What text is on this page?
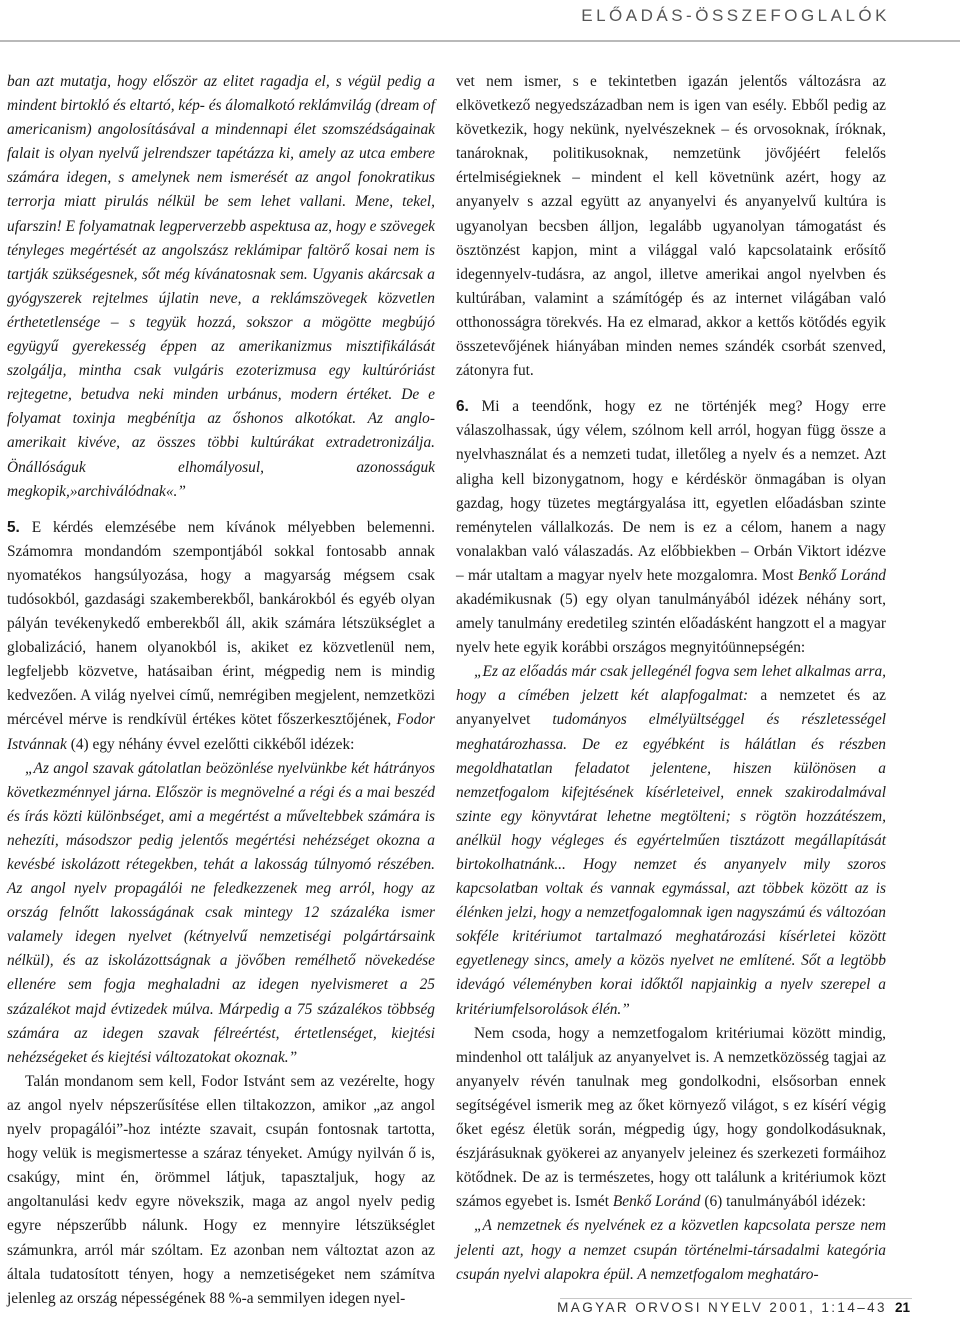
ELŐADÁS-ÖSSZEFOGLALÓK

ban azt mutatja, hogy először az elitet ragadja el, s végül pedig a mindent birtokló és eltartó, kép- és álomalkotó reklámvilág (dream of americanism) angolosításával a mindennapi élet szomszédságainak falait is olyan nyelvű jelrendszer tapétázza ki, amely az utca embere számára idegen, s amelynek nem ismerését az angol fonokratikus terrorja miatt pirulás nélkül be sem lehet vallani. Mene, tekel, ufarszin! E folyamatnak legperverzebb aspektusa az, hogy e szövegek tényleges megértését az angolszász reklámipar faltörő kosai nem is tartják szükségesnek, sőt még kívánatosnak sem. Ugyanis akárcsak a gyógyszerek rejtelmes újlatin neve, a reklámszövegek közvetlen érthetetlensége – s tegyük hozzá, sokszor a mögötte megbújó együgyű gyerekesség éppen az amerikanizmus misztifikálását szolgálja, mintha csak vulgáris ezoterizmusa egy kultúróriást rejtegetne, betudva neki minden urbánus, modern értéket. De e folyamat toxinja megbénítja az őshonos alkotókat. Az anglo-amerikait kivéve, az összes többi kultúrákat extradetronizálja. Önállóságuk elhomályosul, azonosságuk megkopik,»archiválódnak«.”

5. E kérdés elemzésébe nem kívánok mélyebben belemenni. Számomra mondandóm szempontjából sokkal fontosabb annak nyomatékos hangsúlyozása, hogy a magyarság mégsem csak tudósokból, gazdasági szakemberekből, bankárokból és egyéb olyan pályán tevékenykedő emberekből áll, akik számára létszükséglet a globalizáció, hanem olyanokból is, akiket ez közvetlenül nem, legfeljebb közvetve, hatásaiban érint, mégpedig nem is mindig kedvezően. A világ nyelvei című, nemrégiben megjelent, nemzetközi mércével mérve is rendkívül értékes kötet főszerkesztőjének, Fodor Istvánnak (4) egy néhány évvel ezelőtti cikkéből idézek:

„Az angol szavak gátolatlan beözönlése nyelvünkbe két hátrányos következménnyel járna. Először is megnövelné a régi és a mai beszéd és írás közti különbséget, ami a megértést a műveltebbek számára is nehezíti, másodszor pedig jelentős megértési nehézséget okozna a kevésbé iskolázott rétegekben, tehát a lakosság túlnyomó részében. Az angol nyelv propagálói ne feledkezzenek meg arról, hogy az ország felnőtt lakosságának csak mintegy 12 százaléka ismer valamely idegen nyelvet (kétnyelvű nemzetiségi polgártársaink nélkül), és az iskolázottságnak a jövőben remélhető növekedése ellenére sem fogja meghaladni az idegen nyelvismeret a 25 százalékot majd évtizedek múlva. Márpedig a 75 százalékos többség számára az idegen szavak félreértést, értetlenséget, kiejtési nehézségeket és kiejtési változatokat okoznak.”

Talán mondanom sem kell, Fodor Istvánt sem az vezérelte, hogy az angol nyelv népszerűsítése ellen tiltakozzon, amikor „az angol nyelv propagálói”-hoz intézte szavait, csupán fontosnak tartotta, hogy velük is megismertesse a száraz tényeket. Amúgy nyilván ő is, csakúgy, mint én, örömmel látjuk, tapasztaljuk, hogy az angoltanulási kedv egyre növekszik, maga az angol nyelv pedig egyre népszerűbb nálunk. Hogy ez mennyire létszükséglet számunkra, arról már szóltam. Ez azonban nem változtat azon az általa tudatosított tényen, hogy a nemzetiségeket nem számítva jelenleg az ország népességének 88 %-a semmilyen idegen nyel-

vet nem ismer, s e tekintetben igazán jelentős változásra az elkövetkező negyedszázadban nem is igen van esély. Ebből pedig az következik, hogy nekünk, nyelvészeknek – és orvosoknak, íróknak, tanároknak, politikusoknak, nemzetünk jövőjéért felelős értelmiségieknek – mindent el kell követnünk azért, hogy az anyanyelv s azzal együtt az anyanyelvi és anyanyelvű kultúra is ugyanolyan becsben álljon, legalább ugyanolyan támogatást és ösztönzést kapjon, mint a világgal való kapcsolataink erősítő idegennyelv-tudásra, az angol, illetve amerikai angol nyelvben és kultúrában, valamint a számítógép és az internet világában való otthonosságra törekvés. Ha ez elmarad, akkor a kettős kötődés egyik összetevőjének hiányában minden nemes szándék csorbát szenved, zátonyra fut.

6. Mi a teendőnk, hogy ez ne történjék meg? Hogy erre válaszolhassak, úgy vélem, szólnom kell arról, hogyan függ össze a nyelvhasználat és a nemzeti tudat, illetőleg a nyelv és a nemzet. Azt aligha kell bizonygatnom, hogy e kérdéskör önmagában is olyan gazdag, hogy tüzetes megtárgyalása itt, egyetlen előadásban szinte reménytelen vállalkozás. De nem is ez a célom, hanem a nagy vonalakban való válaszadás. Az előbbiekben – Orbán Viktort idézve – már utaltam a magyar nyelv hete mozgalomra. Most Benkő Loránd akadémikusnak (5) egy olyan tanulmányából idézek néhány sort, amely tanulmány eredetileg szintén előadásként hangzott el a magyar nyelv hete egyik korábbi országos megnyitóünnepségén:

„Ez az előadás már csak jellegénél fogva sem lehet alkalmas arra, hogy a címében jelzett két alapfogalmat: a nemzetet és az anyanyelvet tudományos elmélyültséggel és részletességel meghatározhassa. De ez egyébként is hálátlan és részben megoldhatatlan feladatot jelentene, hiszen különösen a nemzetfogalom kifejtésének kísérleteivel, ennek szakirodalmával szinte egy könyvtárat lehetne megtölteni; s rögtön hozzátészem, anélkül hogy végleges és egyértelműen tisztázott megállapítását birtokolhatnánk... Hogy nemzet és anyanyelv mily szoros kapcsolatban voltak és vannak egymással, azt többek között az is élénken jelzi, hogy a nemzetfogalomnak igen nagyszámú és változóan sokféle kritériumot tartalmazó meghatározási kísérletei között egyetlenegy sincs, amely a közös nyelvet ne említené. Sőt a legtöbb idevágó véleményben korai időktől napjainkig a nyelv szerepel a kritériumfelsorolások élén.”

Nem csoda, hogy a nemzetfogalom kritériumai között mindig, mindenhol ott találjuk az anyanyelvet is. A nemzetközösség tagjai az anyanyelv révén tanulnak meg gondolkodni, elsősorban ennek segítségével ismerik meg az őket környező világot, s ez kísérí végig őket egész életük során, mégpedig úgy, hogy gondolkodásuknak, észjárásuknak gyökerei az anyanyelv jeleinez és szerkezeti formáihoz kötődnek. De az is természetes, hogy ott találunk a kritériumok közt számos egyebet is. Ismét Benkő Loránd (6) tanulmányából idézek:

„A nemzetnek és nyelvének ez a közvetlen kapcsolata persze nem jelenti azt, hogy a nemzet csupán történelmi-társadalmi kategória csupán nyelvi alapokra épül. A nemzetfogalom meghatáro-

MAGYAR ORVOSI NYELV 2001, 1:14–43 21
